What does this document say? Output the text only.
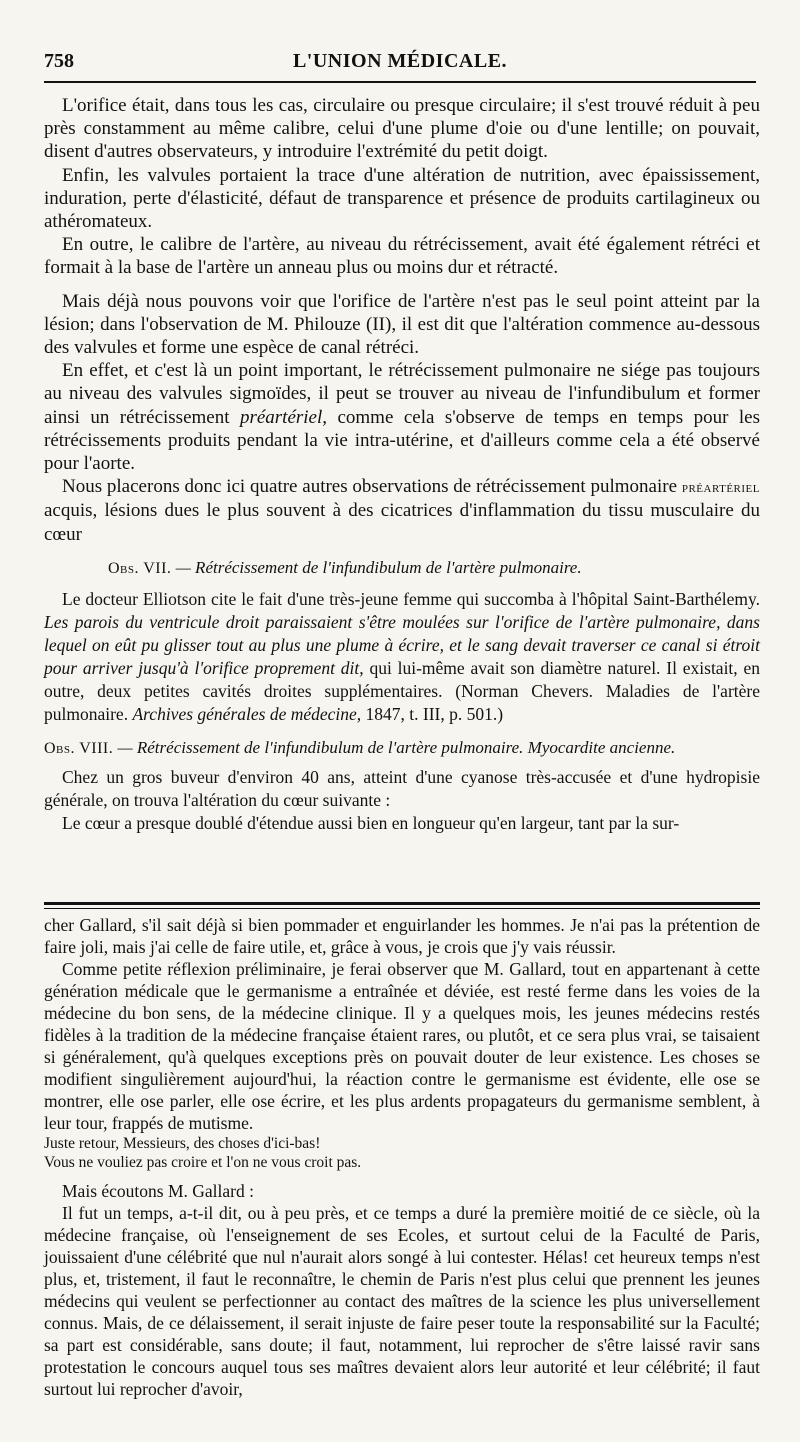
758	L'UNION MÉDICALE.

L'orifice était, dans tous les cas, circulaire ou presque circulaire; il s'est trouvé réduit à peu près constamment au même calibre, celui d'une plume d'oie ou d'une lentille; on pouvait, disent d'autres observateurs, y introduire l'extrémité du petit doigt.

Enfin, les valvules portaient la trace d'une altération de nutrition, avec épaississement, induration, perte d'élasticité, défaut de transparence et présence de produits cartilagineux ou athéromateux.

En outre, le calibre de l'artère, au niveau du rétrécissement, avait été également rétréci et formait à la base de l'artère un anneau plus ou moins dur et rétracté.

Mais déjà nous pouvons voir que l'orifice de l'artère n'est pas le seul point atteint par la lésion; dans l'observation de M. Philouze (II), il est dit que l'altération commence au-dessous des valvules et forme une espèce de canal rétréci.

En effet, et c'est là un point important, le rétrécissement pulmonaire ne siége pas toujours au niveau des valvules sigmoïdes, il peut se trouver au niveau de l'infundibulum et former ainsi un rétrécissement préartériel, comme cela s'observe de temps en temps pour les rétrécissements produits pendant la vie intra-utérine, et d'ailleurs comme cela a été observé pour l'aorte.

Nous placerons donc ici quatre autres observations de rétrécissement pulmonaire préartériel acquis, lésions dues le plus souvent à des cicatrices d'inflammation du tissu musculaire du cœur

Obs. VII. — Rétrécissement de l'infundibulum de l'artère pulmonaire.

Le docteur Elliotson cite le fait d'une très-jeune femme qui succomba à l'hôpital Saint-Barthélemy. Les parois du ventricule droit paraissaient s'être moulées sur l'orifice de l'artère pulmonaire, dans lequel on eût pu glisser tout au plus une plume à écrire, et le sang devait traverser ce canal si étroit pour arriver jusqu'à l'orifice proprement dit, qui lui-même avait son diamètre naturel. Il existait, en outre, deux petites cavités droites supplémentaires. (Norman Chevers. Maladies de l'artère pulmonaire. Archives générales de médecine, 1847, t. III, p. 501.)

Obs. VIII. — Rétrécissement de l'infundibulum de l'artère pulmonaire. Myocardite ancienne.

Chez un gros buveur d'environ 40 ans, atteint d'une cyanose très-accusée et d'une hydropisie générale, on trouva l'altération du cœur suivante :

Le cœur a presque doublé d'étendue aussi bien en longueur qu'en largeur, tant par la sur-

cher Gallard, s'il sait déjà si bien pommader et enguirlander les hommes. Je n'ai pas la prétention de faire joli, mais j'ai celle de faire utile, et, grâce à vous, je crois que j'y vais réussir.

Comme petite réflexion préliminaire, je ferai observer que M. Gallard, tout en appartenant à cette génération médicale que le germanisme a entraînée et déviée, est resté ferme dans les voies de la médecine du bon sens, de la médecine clinique. Il y a quelques mois, les jeunes médecins restés fidèles à la tradition de la médecine française étaient rares, ou plutôt, et ce sera plus vrai, se taisaient si généralement, qu'à quelques exceptions près on pouvait douter de leur existence. Les choses se modifient singulièrement aujourd'hui, la réaction contre le germanisme est évidente, elle ose se montrer, elle ose parler, elle ose écrire, et les plus ardents propagateurs du germanisme semblent, à leur tour, frappés de mutisme.

Juste retour, Messieurs, des choses d'ici-bas!
Vous ne vouliez pas croire et l'on ne vous croit pas.

Mais écoutons M. Gallard :

Il fut un temps, a-t-il dit, ou à peu près, et ce temps a duré la première moitié de ce siècle, où la médecine française, où l'enseignement de ses Ecoles, et surtout celui de la Faculté de Paris, jouissaient d'une célébrité que nul n'aurait alors songé à lui contester. Hélas! cet heureux temps n'est plus, et, tristement, il faut le reconnaître, le chemin de Paris n'est plus celui que prennent les jeunes médecins qui veulent se perfectionner au contact des maîtres de la science les plus universellement connus. Mais, de ce délaissement, il serait injuste de faire peser toute la responsabilité sur la Faculté; sa part est considérable, sans doute; il faut, notamment, lui reprocher de s'être laissé ravir sans protestation le concours auquel tous ses maîtres devaient alors leur autorité et leur célébrité; il faut surtout lui reprocher d'avoir,
